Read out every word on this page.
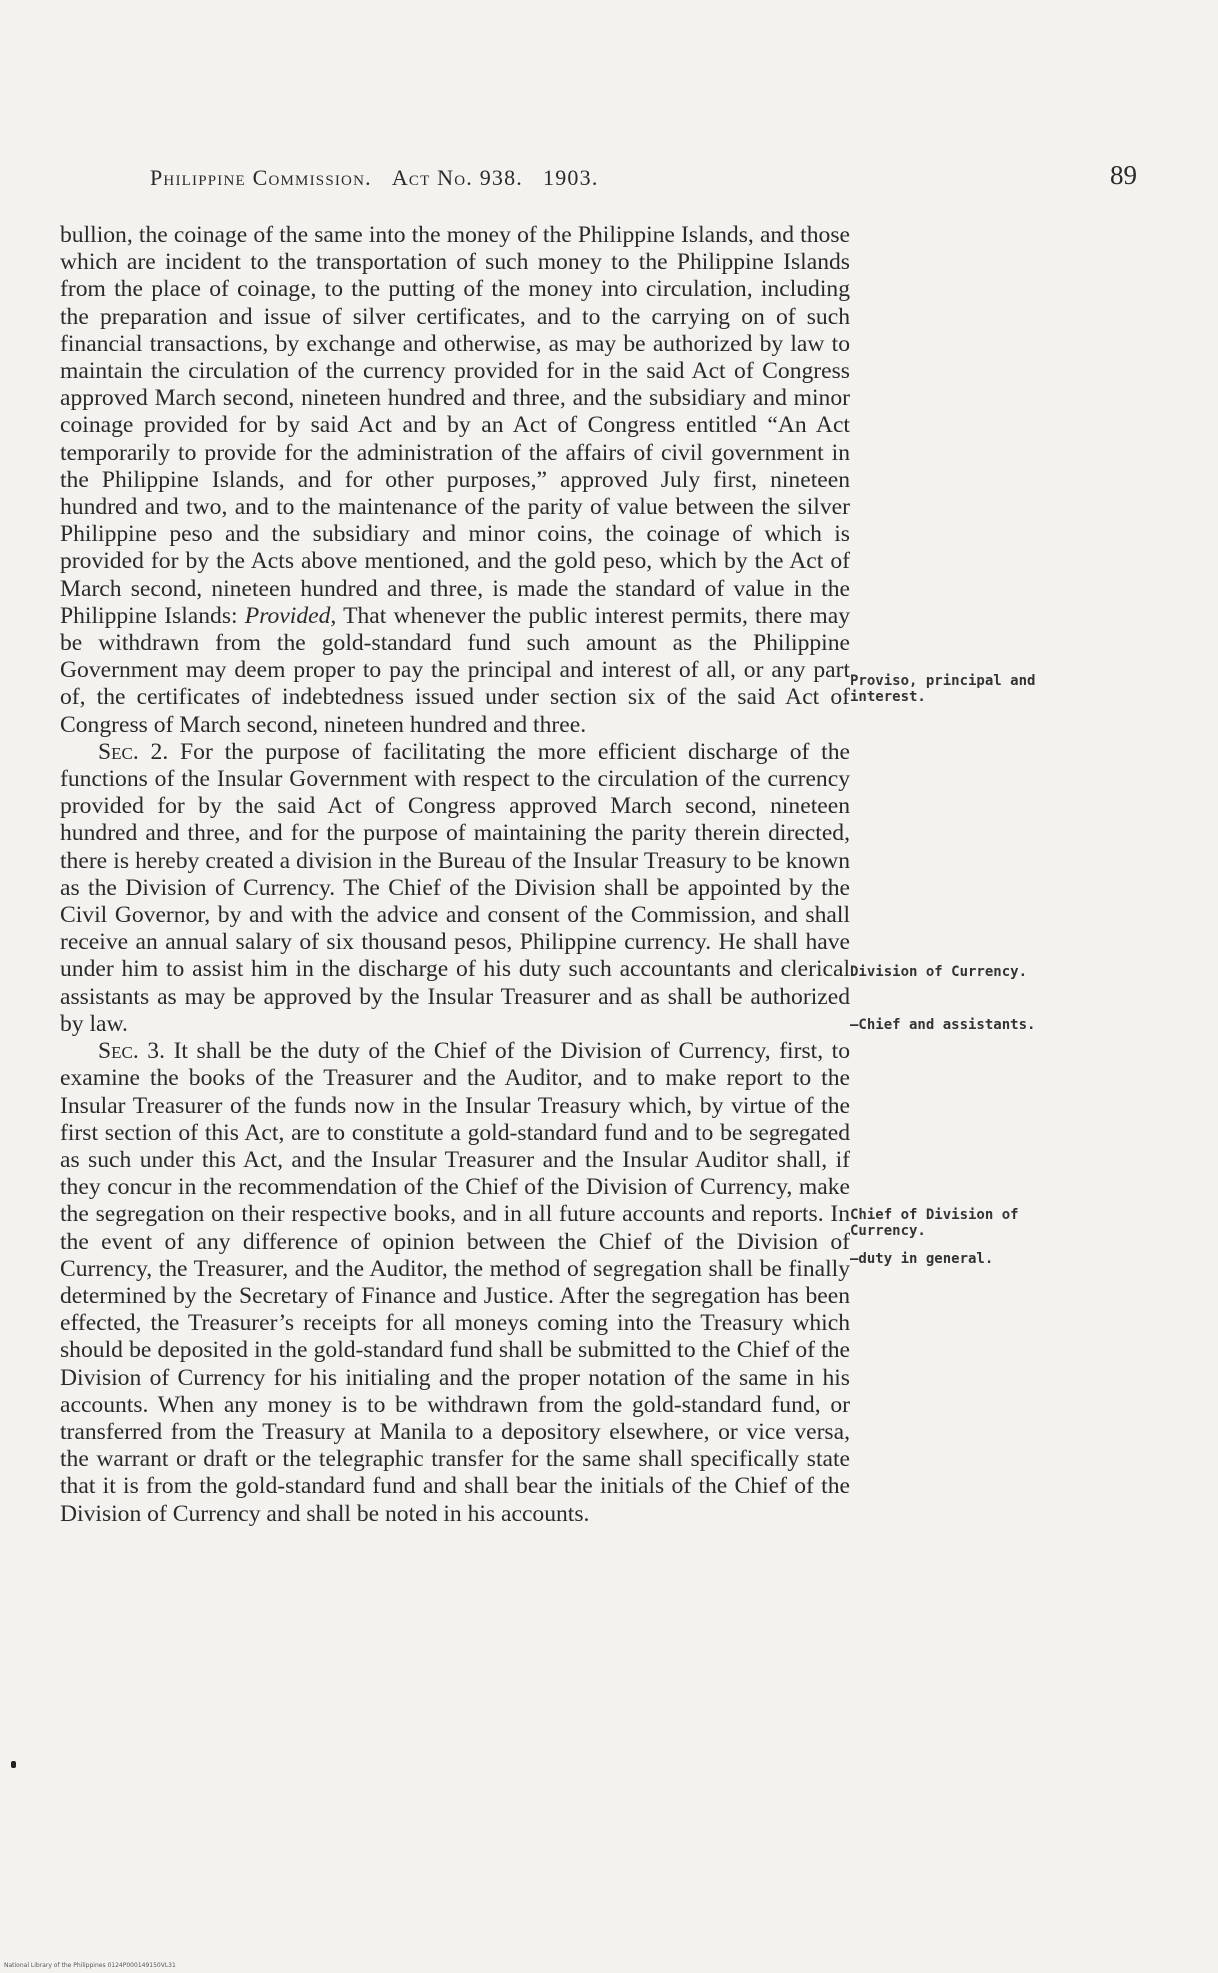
Philippine Commission. Act No. 938. 1903.	89

bullion, the coinage of the same into the money of the Philippine Islands, and those which are incident to the transportation of such money to the Philippine Islands from the place of coinage, to the putting of the money into circulation, including the preparation and issue of silver certificates, and to the carrying on of such financial transactions, by exchange and otherwise, as may be authorized by law to maintain the circulation of the currency provided for in the said Act of Congress approved March second, nineteen hundred and three, and the subsidiary and minor coinage provided for by said Act and by an Act of Congress entitled “An Act temporarily to provide for the administration of the affairs of civil government in the Philippine Islands, and for other purposes,” approved July first, nineteen hundred and two, and to the maintenance of the parity of value between the silver Philippine peso and the subsidiary and minor coins, the coinage of which is provided for by the Acts above mentioned, and the gold peso, which by the Act of March second, nineteen hundred and three, is made the standard of value in the Philippine Islands: Provided, That whenever the public interest permits, there may be withdrawn from the gold-standard fund such amount as the Philippine Government may deem proper to pay the principal and interest of all, or any part of, the certificates of indebtedness issued under section six of the said Act of Congress of March second, nineteen hundred and three.

Sec. 2. For the purpose of facilitating the more efficient discharge of the functions of the Insular Government with respect to the circulation of the currency provided for by the said Act of Congress approved March second, nineteen hundred and three, and for the purpose of maintaining the parity therein directed, there is hereby created a division in the Bureau of the Insular Treasury to be known as the Division of Currency. The Chief of the Division shall be appointed by the Civil Governor, by and with the advice and consent of the Commission, and shall receive an annual salary of six thousand pesos, Philippine currency. He shall have under him to assist him in the discharge of his duty such accountants and clerical assistants as may be approved by the Insular Treasurer and as shall be authorized by law.

Sec. 3. It shall be the duty of the Chief of the Division of Currency, first, to examine the books of the Treasurer and the Auditor, and to make report to the Insular Treasurer of the funds now in the Insular Treasury which, by virtue of the first section of this Act, are to constitute a gold-standard fund and to be segregated as such under this Act, and the Insular Treasurer and the Insular Auditor shall, if they concur in the recommendation of the Chief of the Division of Currency, make the segregation on their respective books, and in all future accounts and reports. In the event of any difference of opinion between the Chief of the Division of Currency, the Treasurer, and the Auditor, the method of segregation shall be finally determined by the Secretary of Finance and Justice. After the segregation has been effected, the Treasurer’s receipts for all moneys coming into the Treasury which should be deposited in the gold-standard fund shall be submitted to the Chief of the Division of Currency for his initialing and the proper notation of the same in his accounts. When any money is to be withdrawn from the gold-standard fund, or transferred from the Treasury at Manila to a depository elsewhere, or vice versa, the warrant or draft or the telegraphic transfer for the same shall specifically state that it is from the gold-standard fund and shall bear the initials of the Chief of the Division of Currency and shall be noted in his accounts.

Proviso, principal and interest.
Division of Currency.
—Chief and assistants.
Chief of Division of Currency.
—duty in general.
National Library of the Philippines 0124P000149150VL31
